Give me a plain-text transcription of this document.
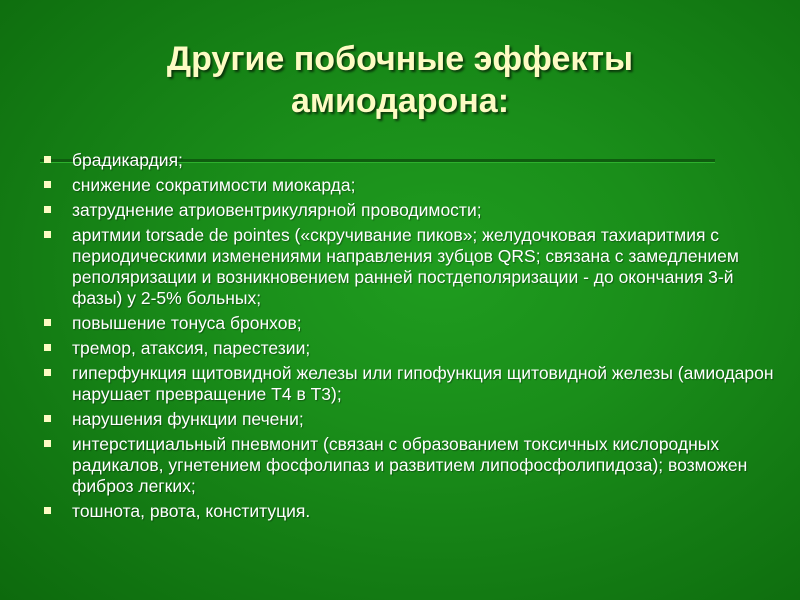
Другие побочные эффекты
амиодарона:
брадикардия;
снижение сократимости миокарда;
затруднение атриовентрикулярной проводимости;
аритмии torsade de pointes («скручивание пиков»; желудочковая тахиаритмия с периодическими изменениями направления зубцов QRS; связана с замедлением реполяризации и возникновением ранней постдеполяризации - до окончания 3-й фазы) у 2-5% больных;
повышение тонуса бронхов;
тремор, атаксия, парестезии;
гиперфункция щитовидной железы или гипофункция щитовидной железы (амиодарон нарушает превращение Т4 в Т3);
нарушения функции печени;
интерстициальный пневмонит (связан с образованием токсичных кислородных радикалов, угнетением фосфолипаз и развитием липофосфолипидоза); возможен фиброз легких;
тошнота, рвота, конституция.
